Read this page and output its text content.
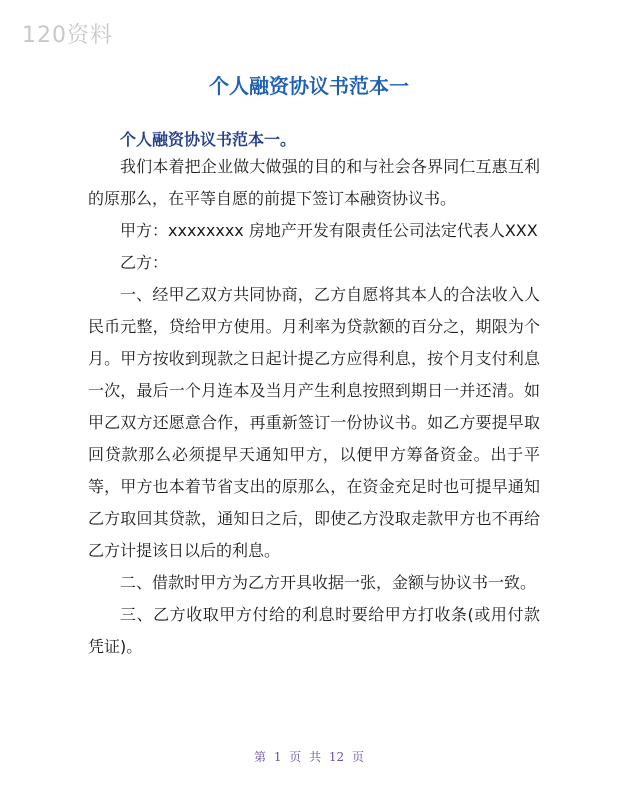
120资料
个人融资协议书范本一
个人融资协议书范本一。

我们本着把企业做大做强的目的和与社会各界同仁互惠互利的原那么，在平等自愿的前提下签订本融资协议书。

甲方：xxxxxxxx 房地产开发有限责任公司法定代表人XXX

乙方：

一、经甲乙双方共同协商，乙方自愿将其本人的合法收入人民币元整，贷给甲方使用。月利率为贷款额的百分之，期限为个月。甲方按收到现款之日起计提乙方应得利息，按个月支付利息一次，最后一个月连本及当月产生利息按照到期日一并还清。如甲乙双方还愿意合作，再重新签订一份协议书。如乙方要提早取回贷款那么必须提早天通知甲方，以便甲方筹备资金。出于平等，甲方也本着节省支出的原那么，在资金充足时也可提早通知乙方取回其贷款，通知日之后，即使乙方没取走款甲方也不再给乙方计提该日以后的利息。

二、借款时甲方为乙方开具收据一张，金额与协议书一致。

三、乙方收取甲方付给的利息时要给甲方打收条(或用付款凭证)。

第 1 页 共 12 页
